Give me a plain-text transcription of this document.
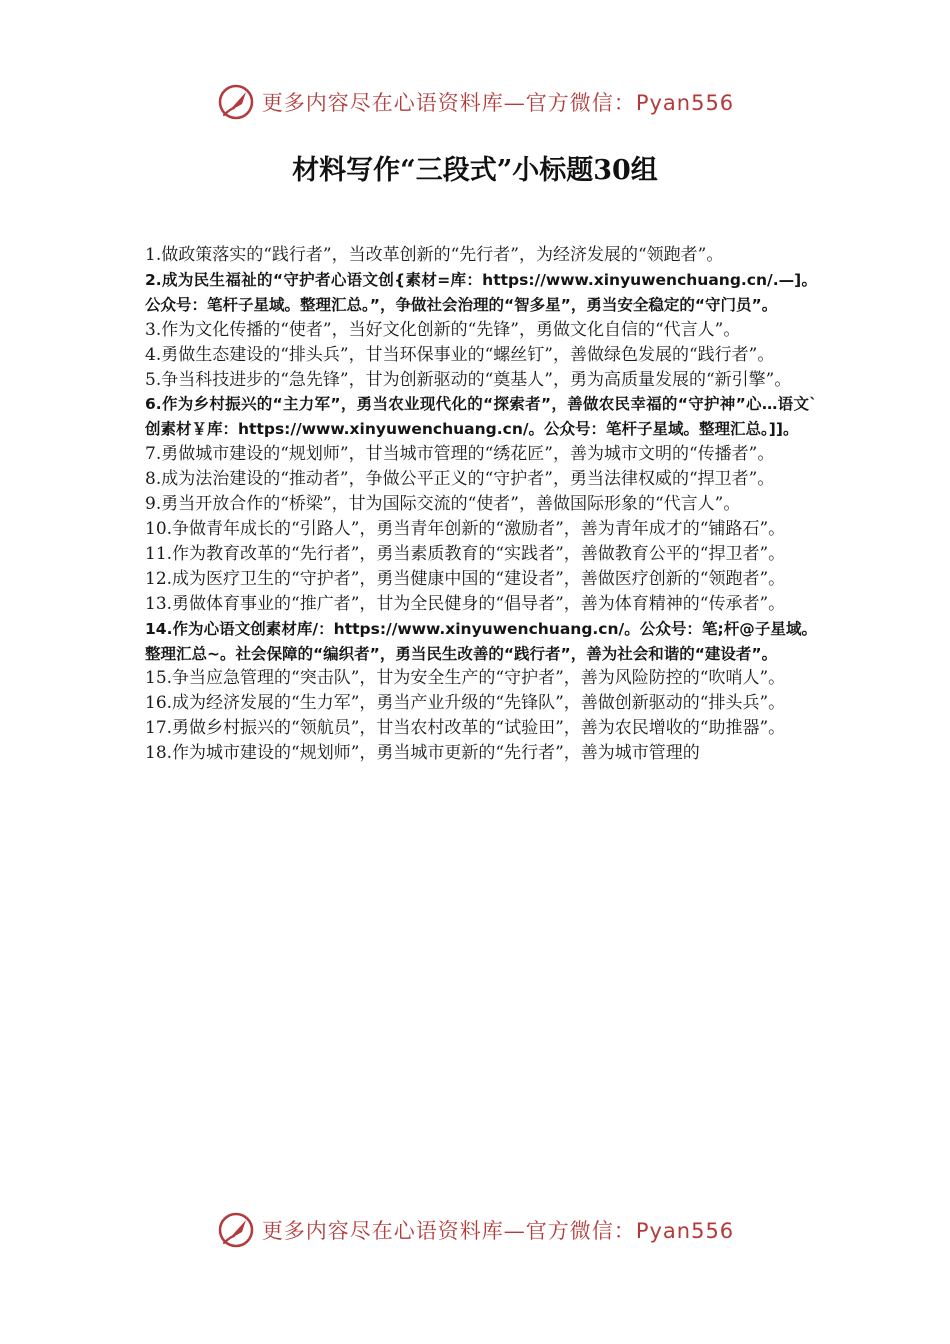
更多内容尽在心语资料库—官方微信：Pyan556
材料写作“三段式”小标题30组

1.做政策落实的“践行者”，当改革创新的“先行者”，为经济发展的“领跑者”。

2.成为民生福祉的“守护者心语文创{素材=库：https://www.xinyuwenchuang.cn/.—]。公众号：笔杆子星域。整理汇总。”，争做社会治理的“智多星”，勇当安全稳定的“守门员”。

3.作为文化传播的“使者”，当好文化创新的“先锋”，勇做文化自信的“代言人”。

4.勇做生态建设的“排头兵”，甘当环保事业的“螺丝钉”，善做绿色发展的“践行者”。

5.争当科技进步的“急先锋”，甘为创新驱动的“奠基人”，勇为高质量发展的“新引擎”。

6.作为乡村振兴的“主力军”，勇当农业现代化的“探索者”，善做农民幸福的“守护神”心…语文`创素材￥库：https://www.xinyuwenchuang.cn/。公众号：笔杆子星域。整理汇总。]]。

7.勇做城市建设的“规划师”，甘当城市管理的“绣花匠”，善为城市文明的“传播者”。

8.成为法治建设的“推动者”，争做公平正义的“守护者”，勇当法律权威的“捍卫者”。

9.勇当开放合作的“桥梁”，甘为国际交流的“使者”，善做国际形象的“代言人”。

10.争做青年成长的“引路人”，勇当青年创新的“激励者”，善为青年成才的“铺路石”。

11.作为教育改革的“先行者”，勇当素质教育的“实践者”，善做教育公平的“捍卫者”。

12.成为医疗卫生的“守护者”，勇当健康中国的“建设者”，善做医疗创新的“领跑者”。

13.勇做体育事业的“推广者”，甘为全民健身的“倡导者”，善为体育精神的“传承者”。

14.作为心语文创素材库/：https://www.xinyuwenchuang.cn/。公众号：笔;杆@子星域。整理汇总~。社会保障的“编织者”，勇当民生改善的“践行者”，善为社会和谐的“建设者”。

15.争当应急管理的“突击队”，甘为安全生产的“守护者”，善为风险防控的“吹哨人”。

16.成为经济发展的“生力军”，勇当产业升级的“先锋队”，善做创新驱动的“排头兵”。

17.勇做乡村振兴的“领航员”，甘当农村改革的“试验田”，善为农民增收的“助推器”。

18.作为城市建设的“规划师”，勇当城市更新的“先行者”，善为城市管理的

更多内容尽在心语资料库—官方微信：Pyan556
